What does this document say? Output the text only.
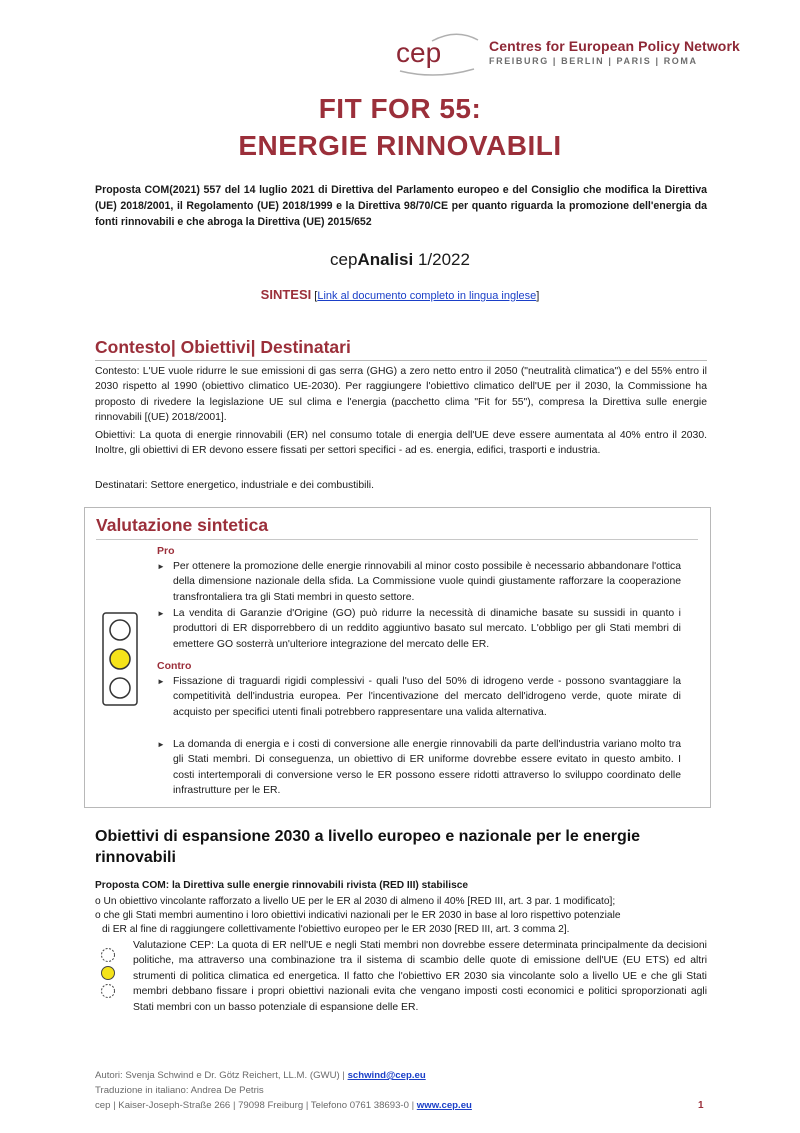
cep	Centres for European Policy Network
FREIBURG | BERLIN | PARIS | ROMA
FIT FOR 55:
ENERGIE RINNOVABILI
Proposta COM(2021) 557 del 14 luglio 2021 di Direttiva del Parlamento europeo e del Consiglio che modifica la Direttiva (UE) 2018/2001, il Regolamento (UE) 2018/1999 e la Direttiva 98/70/CE per quanto riguarda la promozione dell'energia da fonti rinnovabili e che abroga la Direttiva (UE) 2015/652
cepAnalisi 1/2022
SINTESI [Link al documento completo in lingua inglese]
Contesto| Obiettivi| Destinatari
Contesto: L'UE vuole ridurre le sue emissioni di gas serra (GHG) a zero netto entro il 2050 ("neutralità climatica") e del 55% entro il 2030 rispetto al 1990 (obiettivo climatico UE-2030). Per raggiungere l'obiettivo climatico dell'UE per il 2030, la Commissione ha proposto di rivedere la legislazione UE sul clima e l'energia (pacchetto clima "Fit for 55"), compresa la Direttiva sulle energie rinnovabili [(UE) 2018/2001].
Obiettivi: La quota di energie rinnovabili (ER) nel consumo totale di energia dell'UE deve essere aumentata al 40% entro il 2030. Inoltre, gli obiettivi di ER devono essere fissati per settori specifici - ad es. energia, edifici, trasporti e industria.
Destinatari: Settore energetico, industriale e dei combustibili.
Valutazione sintetica
Pro
► Per ottenere la promozione delle energie rinnovabili al minor costo possibile è necessario abbandonare l'ottica della dimensione nazionale della sfida. La Commissione vuole quindi giustamente rafforzare la cooperazione transfrontaliera tra gli Stati membri in questo settore.
► La vendita di Garanzie d'Origine (GO) può ridurre la necessità di dinamiche basate su sussidi in quanto i produttori di ER disporrebbero di un reddito aggiuntivo basato sul mercato. L'obbligo per gli Stati membri di emettere GO sosterrà un'ulteriore integrazione del mercato delle ER.
Contro
► Fissazione di traguardi rigidi complessivi - quali l'uso del 50% di idrogeno verde - possono svantaggiare la competitività dell'industria europea. Per l'incentivazione del mercato dell'idrogeno verde, quote mirate di acquisto per specifici utenti finali potrebbero rappresentare una valida alternativa.
► La domanda di energia e i costi di conversione alle energie rinnovabili da parte dell'industria variano molto tra gli Stati membri. Di conseguenza, un obiettivo di ER uniforme dovrebbe essere evitato in questo ambito. I costi intertemporali di conversione verso le ER possono essere ridotti attraverso lo sviluppo coordinato delle infrastrutture per le ER.
Obiettivi di espansione 2030 a livello europeo e nazionale per le energie rinnovabili
Proposta COM: la Direttiva sulle energie rinnovabili rivista (RED III) stabilisce
o Un obiettivo vincolante rafforzato a livello UE per le ER al 2030 di almeno il 40% [RED III, art. 3 par. 1 modificato];
o che gli Stati membri aumentino i loro obiettivi indicativi nazionali per le ER 2030 in base al loro rispettivo potenziale
di ER al fine di raggiungere collettivamente l'obiettivo europeo per le ER 2030 [RED III, art. 3 comma 2].
Valutazione CEP: La quota di ER nell'UE e negli Stati membri non dovrebbe essere determinata principalmente da decisioni politiche, ma attraverso una combinazione tra il sistema di scambio delle quote di emissione dell'UE (EU ETS) ed altri strumenti di politica climatica ed energetica. Il fatto che l'obiettivo ER 2030 sia vincolante solo a livello UE e che gli Stati membri debbano fissare i propri obiettivi nazionali evita che vengano imposti costi economici e politici sproporzionati agli Stati membri con un basso potenziale di espansione delle ER.
Autori: Svenja Schwind e Dr. Götz Reichert, LL.M. (GWU) | schwind@cep.eu
Traduzione in italiano: Andrea De Petris
cep | Kaiser-Joseph-Straße 266 | 79098 Freiburg | Telefono 0761 38693-0 | www.cep.eu	1
